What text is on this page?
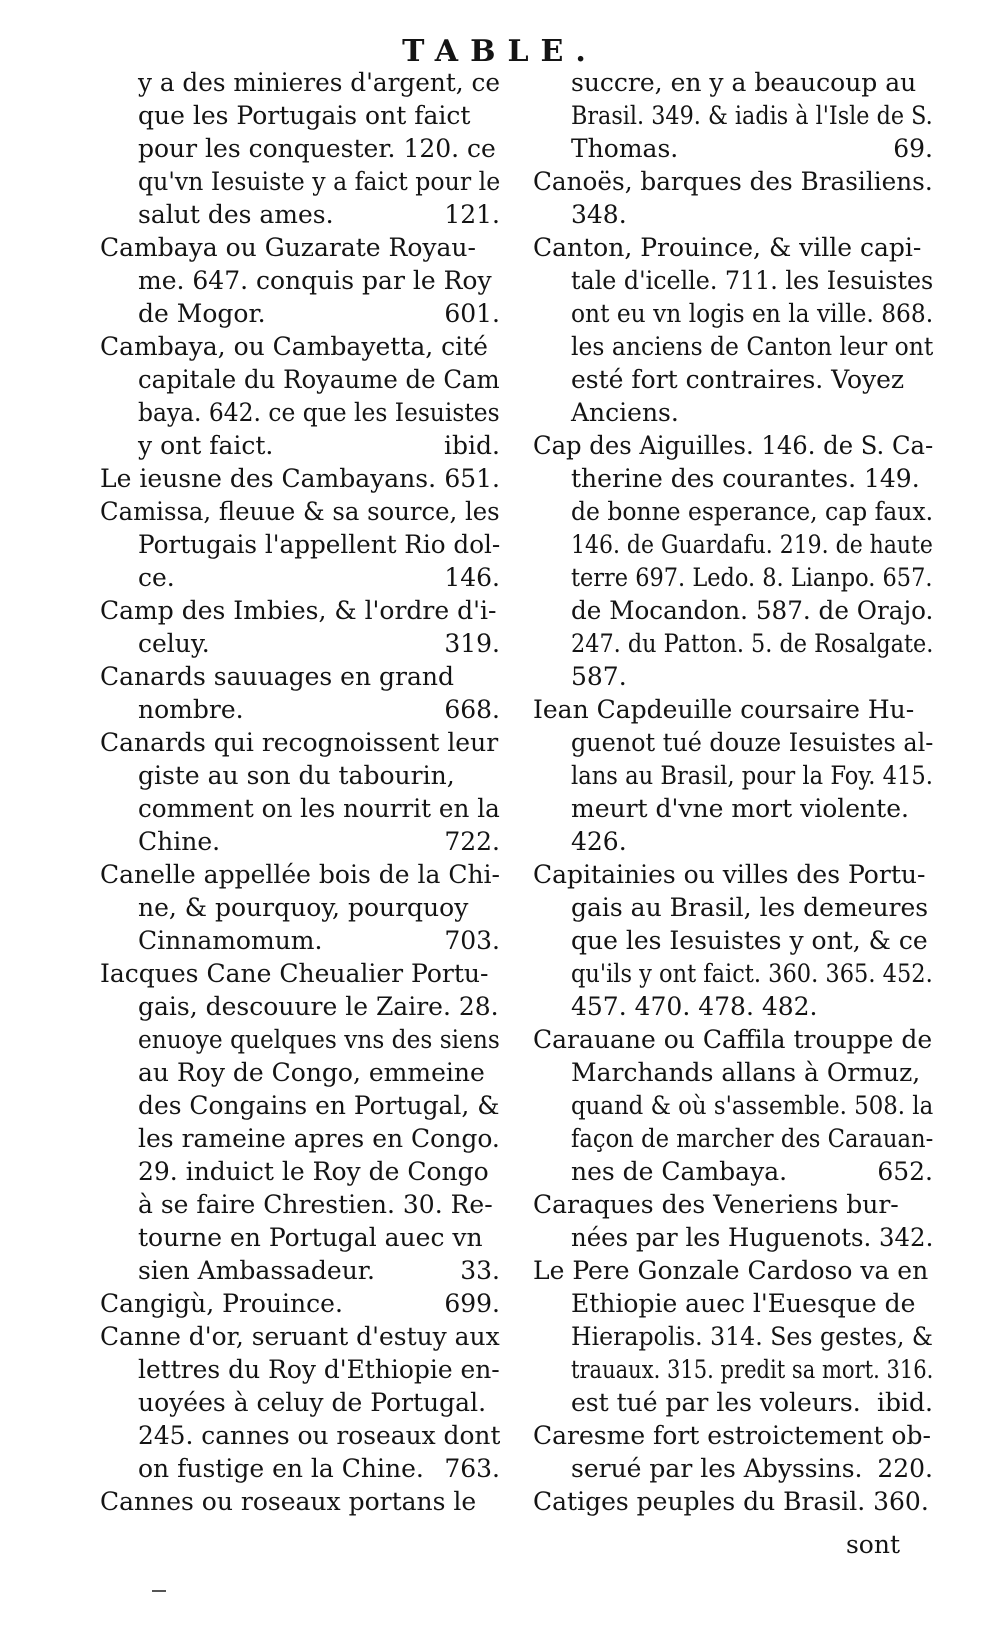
TABLE.
y a des minieres d'argent, ce
que les Portugais ont faict
pour les conquester. 120. ce
qu'vn Iesuiste y a faict pour le
salut des ames.	121.
Cambaya ou Guzarate Royau-
me. 647. conquis par le Roy
de Mogor.	601.
Cambaya, ou Cambayetta, cité
capitale du Royaume de Cam
baya. 642. ce que les Iesuistes
y ont faict.	ibid.
Le ieusne des Cambayans. 651.
Camissa, fleuue & sa source, les
Portugais l'appellent Rio dol-
ce.	146.
Camp des Imbies, & l'ordre d'i-
celuy.	319.
Canards sauuages en grand
nombre.	668.
Canards qui recognoissent leur
giste au son du tabourin,
comment on les nourrit en la
Chine.	722.
Canelle appellée bois de la Chi-
ne, & pourquoy, pourquoy
Cinnamomum.	703.
Iacques Cane Cheualier Portu-
gais, descouure le Zaire. 28.
enuoye quelques vns des siens
au Roy de Congo, emmeine
des Congains en Portugal, &
les rameine apres en Congo.
29. induict le Roy de Congo
à se faire Chrestien. 30. Re-
tourne en Portugal auec vn
sien Ambassadeur.	33.
Cangigù, Prouince.	699.
Canne d'or, seruant d'estuy aux
lettres du Roy d'Ethiopie en-
uoyées à celuy de Portugal.
245. cannes ou roseaux dont
on fustige en la Chine. 763.
Cannes ou roseaux portans le
succre, en y a beaucoup au
Brasil. 349. & iadis à l'Isle de S.
Thomas.	69.
Canoës, barques des Brasiliens.
348.
Canton, Prouince, & ville capi-
tale d'icelle. 711. les Iesuistes
ont eu vn logis en la ville. 868.
les anciens de Canton leur ont
esté fort contraires. Voyez
Anciens.
Cap des Aiguilles. 146. de S. Ca-
therine des courantes. 149.
de bonne esperance, cap faux.
146. de Guardafu. 219. de haute
terre 697. Ledo. 8. Lianpo. 657.
de Mocandon. 587. de Orajo.
247. du Patton. 5. de Rosalgate.
587.
Iean Capdeuille coursaire Hu-
guenot tué douze Iesuistes al-
lans au Brasil, pour la Foy. 415.
meurt d'vne mort violente.
426.
Capitainies ou villes des Portu-
gais au Brasil, les demeures
que les Iesuistes y ont, & ce
qu'ils y ont faict. 360. 365. 452.
457. 470. 478. 482.
Carauane ou Caffila trouppe de
Marchands allans à Ormuz,
quand & où s'assemble. 508. la
façon de marcher des Carauan-
nes de Cambaya.	652.
Caraques des Veneriens bur-
nées par les Huguenots. 342.
Le Pere Gonzale Cardoso va en
Ethiopie auec l'Euesque de
Hierapolis. 314. Ses gestes, &
trauaux. 315. predit sa mort. 316.
est tué par les voleurs. ibid.
Caresme fort estroictement ob-
serué par les Abyssins. 220.
Catiges peuples du Brasil. 360.
sont
